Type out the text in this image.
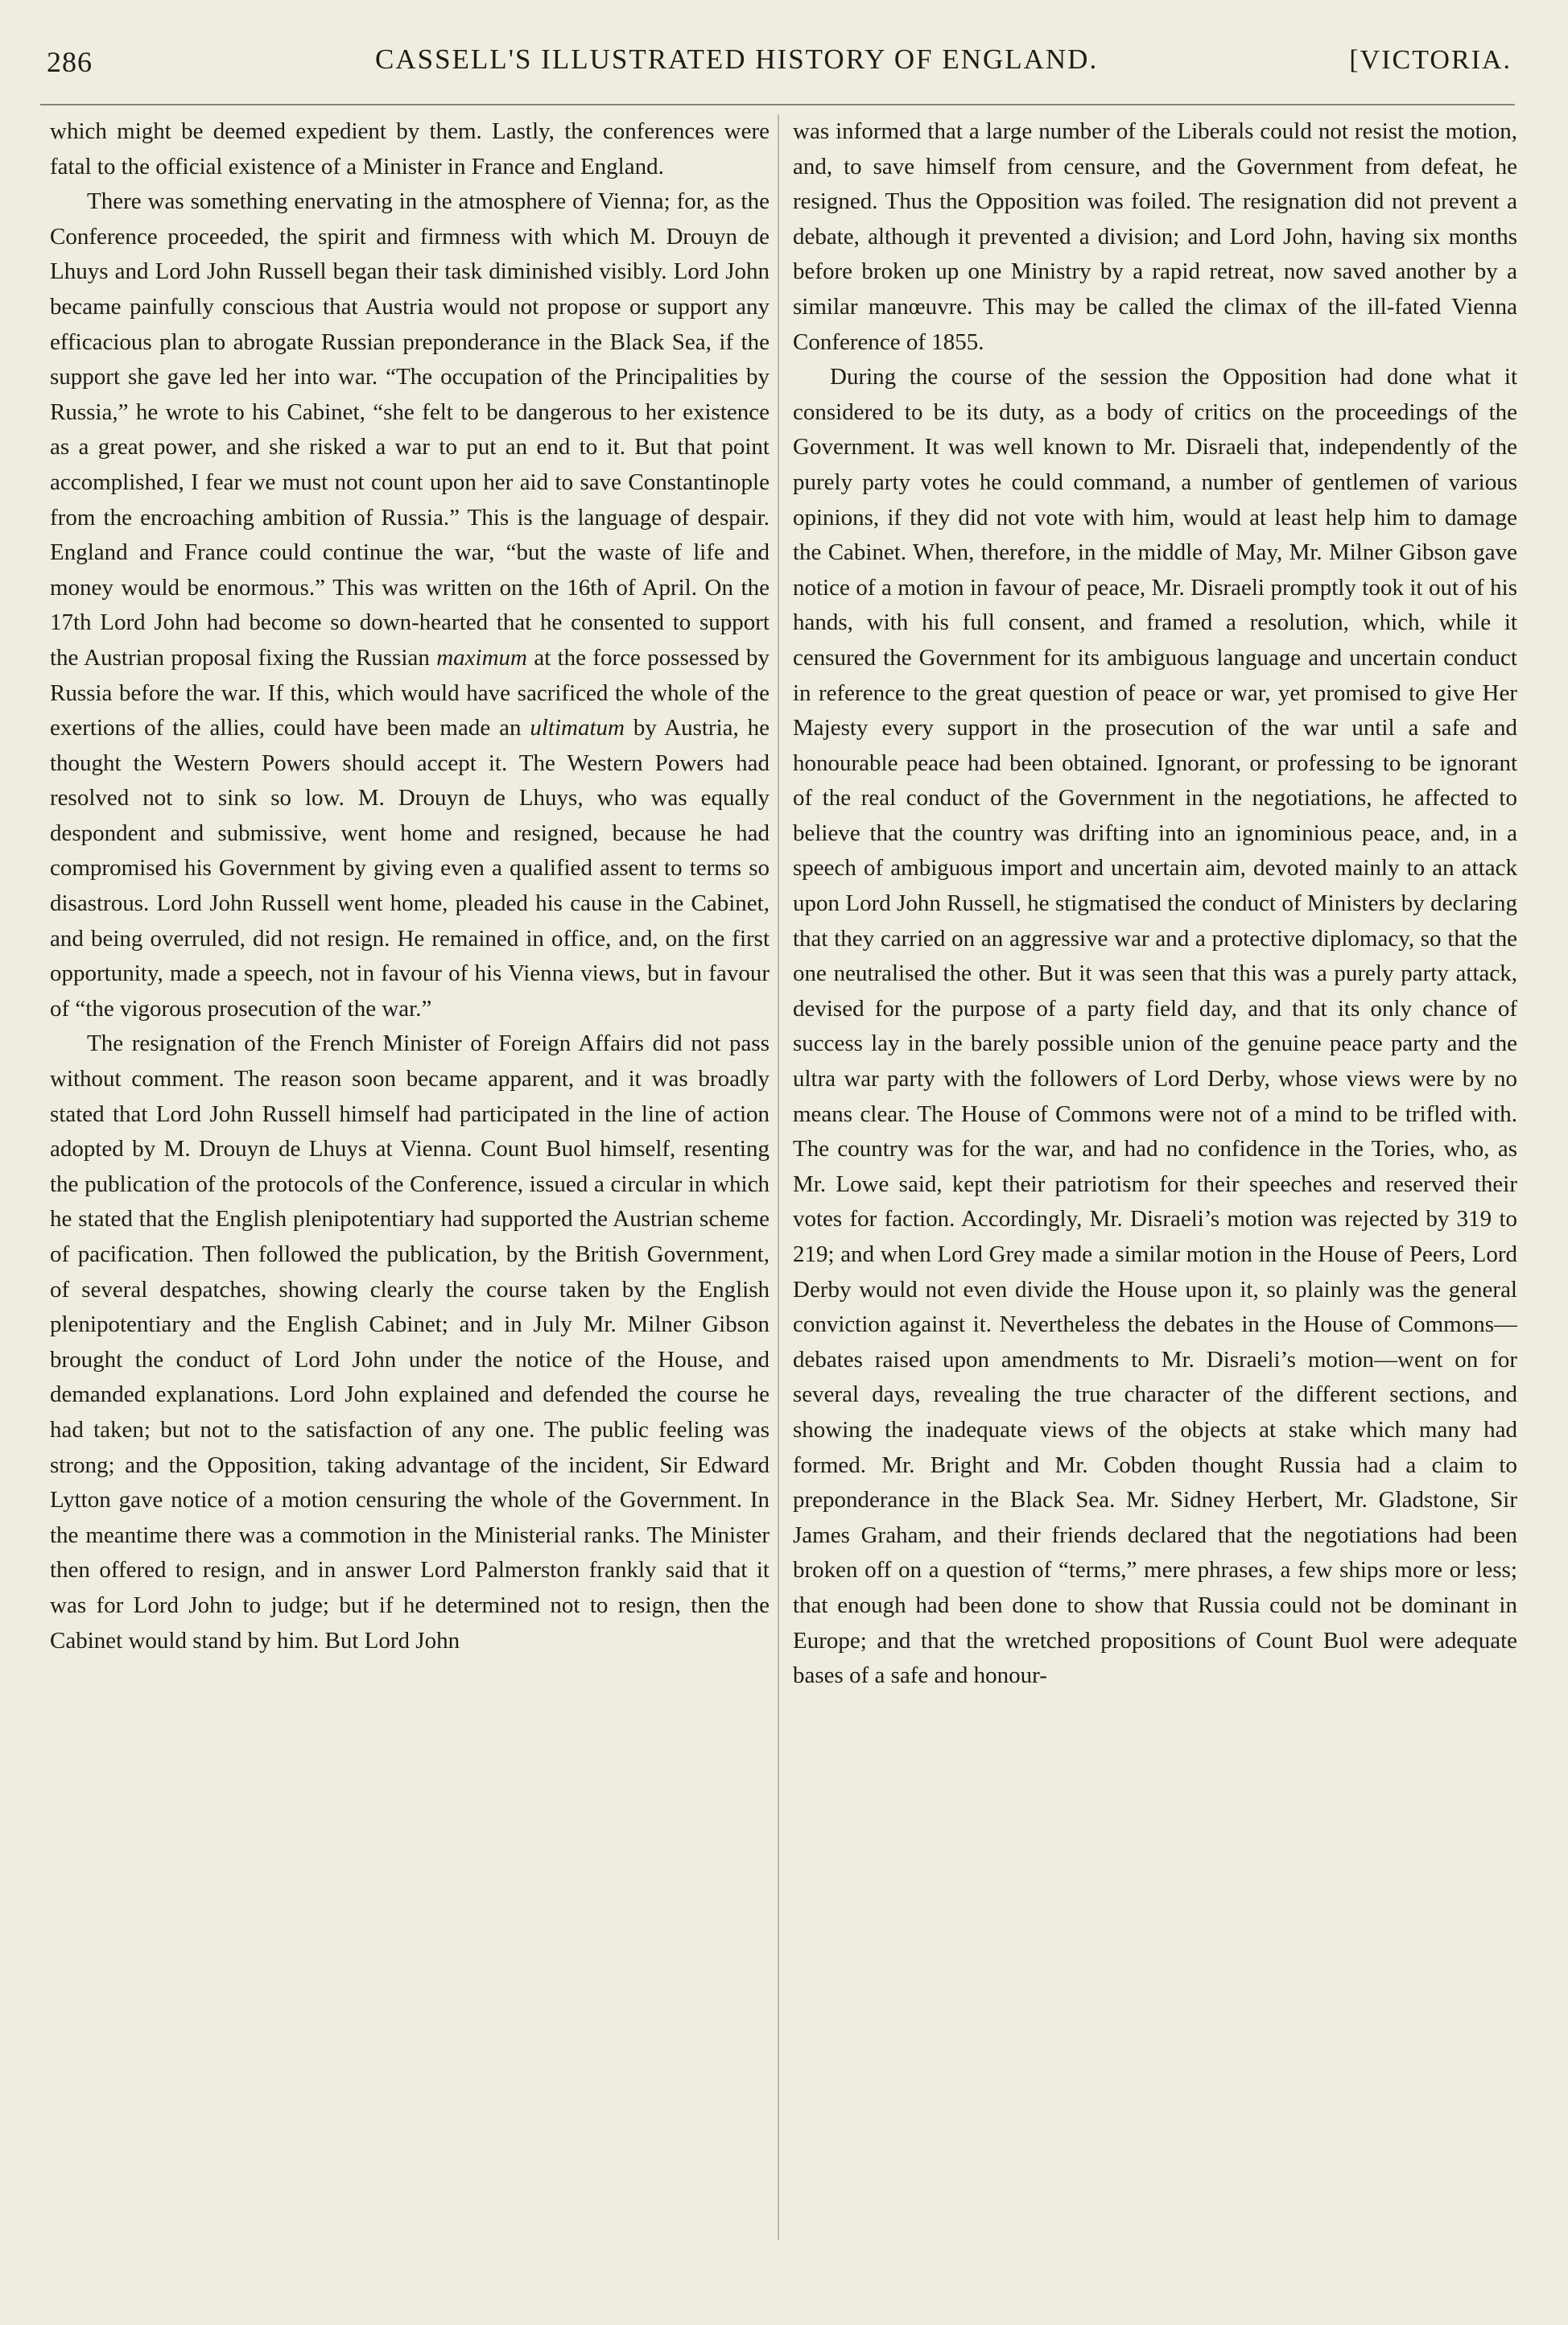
286	CASSELL'S ILLUSTRATED HISTORY OF ENGLAND.	[VICTORIA.

which might be deemed expedient by them. Lastly, the conferences were fatal to the official existence of a Minister in France and England.

There was something enervating in the atmosphere of Vienna; for, as the Conference proceeded, the spirit and firmness with which M. Drouyn de Lhuys and Lord John Russell began their task diminished visibly. Lord John became painfully conscious that Austria would not propose or support any efficacious plan to abrogate Russian preponderance in the Black Sea, if the support she gave led her into war. “The occupation of the Principalities by Russia,” he wrote to his Cabinet, “she felt to be dangerous to her existence as a great power, and she risked a war to put an end to it. But that point accomplished, I fear we must not count upon her aid to save Constantinople from the encroaching ambition of Russia.” This is the language of despair. England and France could continue the war, “but the waste of life and money would be enormous.” This was written on the 16th of April. On the 17th Lord John had become so down-hearted that he consented to support the Austrian proposal fixing the Russian maximum at the force possessed by Russia before the war. If this, which would have sacrificed the whole of the exertions of the allies, could have been made an ultimatum by Austria, he thought the Western Powers should accept it. The Western Powers had resolved not to sink so low. M. Drouyn de Lhuys, who was equally despondent and submissive, went home and resigned, because he had compromised his Government by giving even a qualified assent to terms so disastrous. Lord John Russell went home, pleaded his cause in the Cabinet, and being overruled, did not resign. He remained in office, and, on the first opportunity, made a speech, not in favour of his Vienna views, but in favour of “the vigorous prosecution of the war.”

The resignation of the French Minister of Foreign Affairs did not pass without comment. The reason soon became apparent, and it was broadly stated that Lord John Russell himself had participated in the line of action adopted by M. Drouyn de Lhuys at Vienna. Count Buol himself, resenting the publication of the protocols of the Conference, issued a circular in which he stated that the English plenipotentiary had supported the Austrian scheme of pacification. Then followed the publication, by the British Government, of several despatches, showing clearly the course taken by the English plenipotentiary and the English Cabinet; and in July Mr. Milner Gibson brought the conduct of Lord John under the notice of the House, and demanded explanations. Lord John explained and defended the course he had taken; but not to the satisfaction of any one. The public feeling was strong; and the Opposition, taking advantage of the incident, Sir Edward Lytton gave notice of a motion censuring the whole of the Government. In the meantime there was a commotion in the Ministerial ranks. The Minister then offered to resign, and in answer Lord Palmerston frankly said that it was for Lord John to judge; but if he determined not to resign, then the Cabinet would stand by him. But Lord John

was informed that a large number of the Liberals could not resist the motion, and, to save himself from censure, and the Government from defeat, he resigned. Thus the Opposition was foiled. The resignation did not prevent a debate, although it prevented a division; and Lord John, having six months before broken up one Ministry by a rapid retreat, now saved another by a similar manœuvre. This may be called the climax of the ill-fated Vienna Conference of 1855.

During the course of the session the Opposition had done what it considered to be its duty, as a body of critics on the proceedings of the Government. It was well known to Mr. Disraeli that, independently of the purely party votes he could command, a number of gentlemen of various opinions, if they did not vote with him, would at least help him to damage the Cabinet. When, therefore, in the middle of May, Mr. Milner Gibson gave notice of a motion in favour of peace, Mr. Disraeli promptly took it out of his hands, with his full consent, and framed a resolution, which, while it censured the Government for its ambiguous language and uncertain conduct in reference to the great question of peace or war, yet promised to give Her Majesty every support in the prosecution of the war until a safe and honourable peace had been obtained. Ignorant, or professing to be ignorant of the real conduct of the Government in the negotiations, he affected to believe that the country was drifting into an ignominious peace, and, in a speech of ambiguous import and uncertain aim, devoted mainly to an attack upon Lord John Russell, he stigmatised the conduct of Ministers by declaring that they carried on an aggressive war and a protective diplomacy, so that the one neutralised the other. But it was seen that this was a purely party attack, devised for the purpose of a party field day, and that its only chance of success lay in the barely possible union of the genuine peace party and the ultra war party with the followers of Lord Derby, whose views were by no means clear. The House of Commons were not of a mind to be trifled with. The country was for the war, and had no confidence in the Tories, who, as Mr. Lowe said, kept their patriotism for their speeches and reserved their votes for faction. Accordingly, Mr. Disraeli’s motion was rejected by 319 to 219; and when Lord Grey made a similar motion in the House of Peers, Lord Derby would not even divide the House upon it, so plainly was the general conviction against it. Nevertheless the debates in the House of Commons—debates raised upon amendments to Mr. Disraeli’s motion—went on for several days, revealing the true character of the different sections, and showing the inadequate views of the objects at stake which many had formed. Mr. Bright and Mr. Cobden thought Russia had a claim to preponderance in the Black Sea. Mr. Sidney Herbert, Mr. Gladstone, Sir James Graham, and their friends declared that the negotiations had been broken off on a question of “terms,” mere phrases, a few ships more or less; that enough had been done to show that Russia could not be dominant in Europe; and that the wretched propositions of Count Buol were adequate bases of a safe and honour-
